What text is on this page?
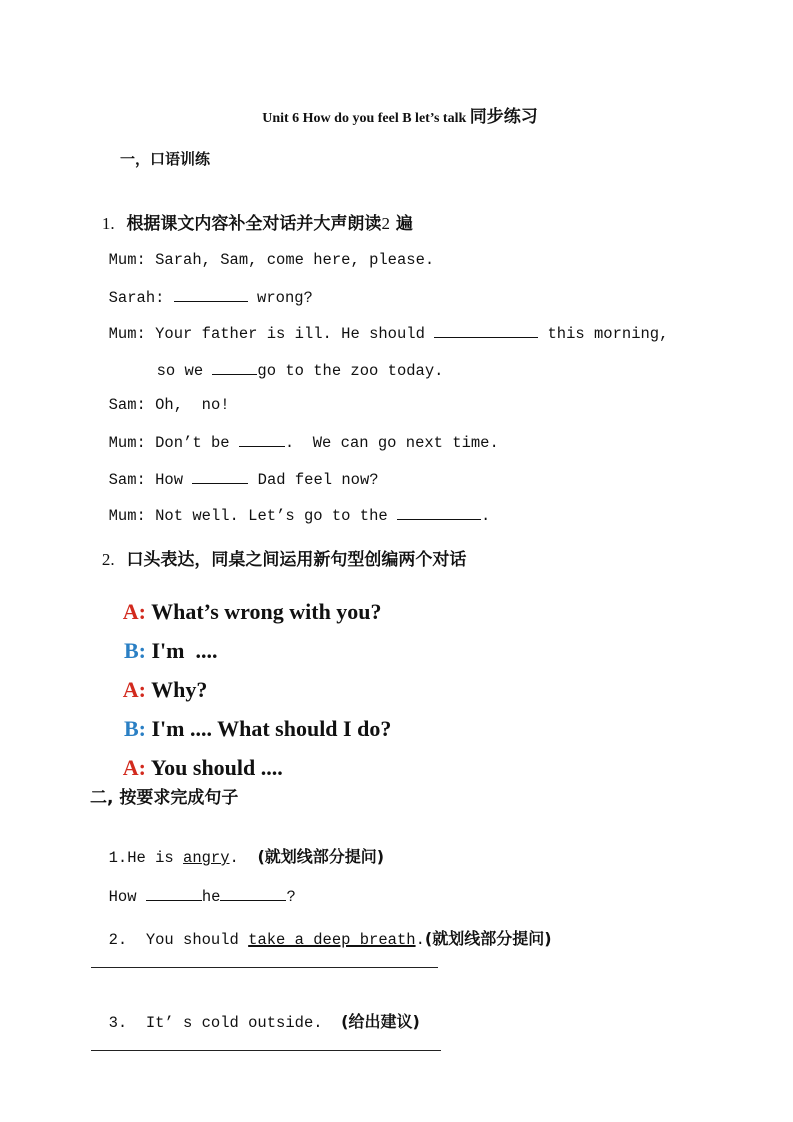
Unit 6 How do you feel B let’s talk 同步练习

一，口语训练

1. 根据课文内容补全对话并大声朗读2 遍

Mum: Sarah, Sam, come here, please.

Sarah:	wrong?

Mum: Your father is ill. He should	this morning,

so we	go to the zoo today.

Sam: Oh,  no!

Mum: Don’t be	.  We can go next time.

Sam: How	Dad feel now?

Mum: Not well. Let’s go to the	.

2. 口头表达，同桌之间运用新句型创编两个对话

A: What’s wrong with you?

B: I'm  ....

A: Why?

B: I'm .... What should I do?

A: You should ....

二, 按要求完成句子

1.He is angry.  (就划线部分提问)

How	he	?

2.  You should take a deep breath.(就划线部分提问)

3.  It’ s cold outside.  (给出建议)
